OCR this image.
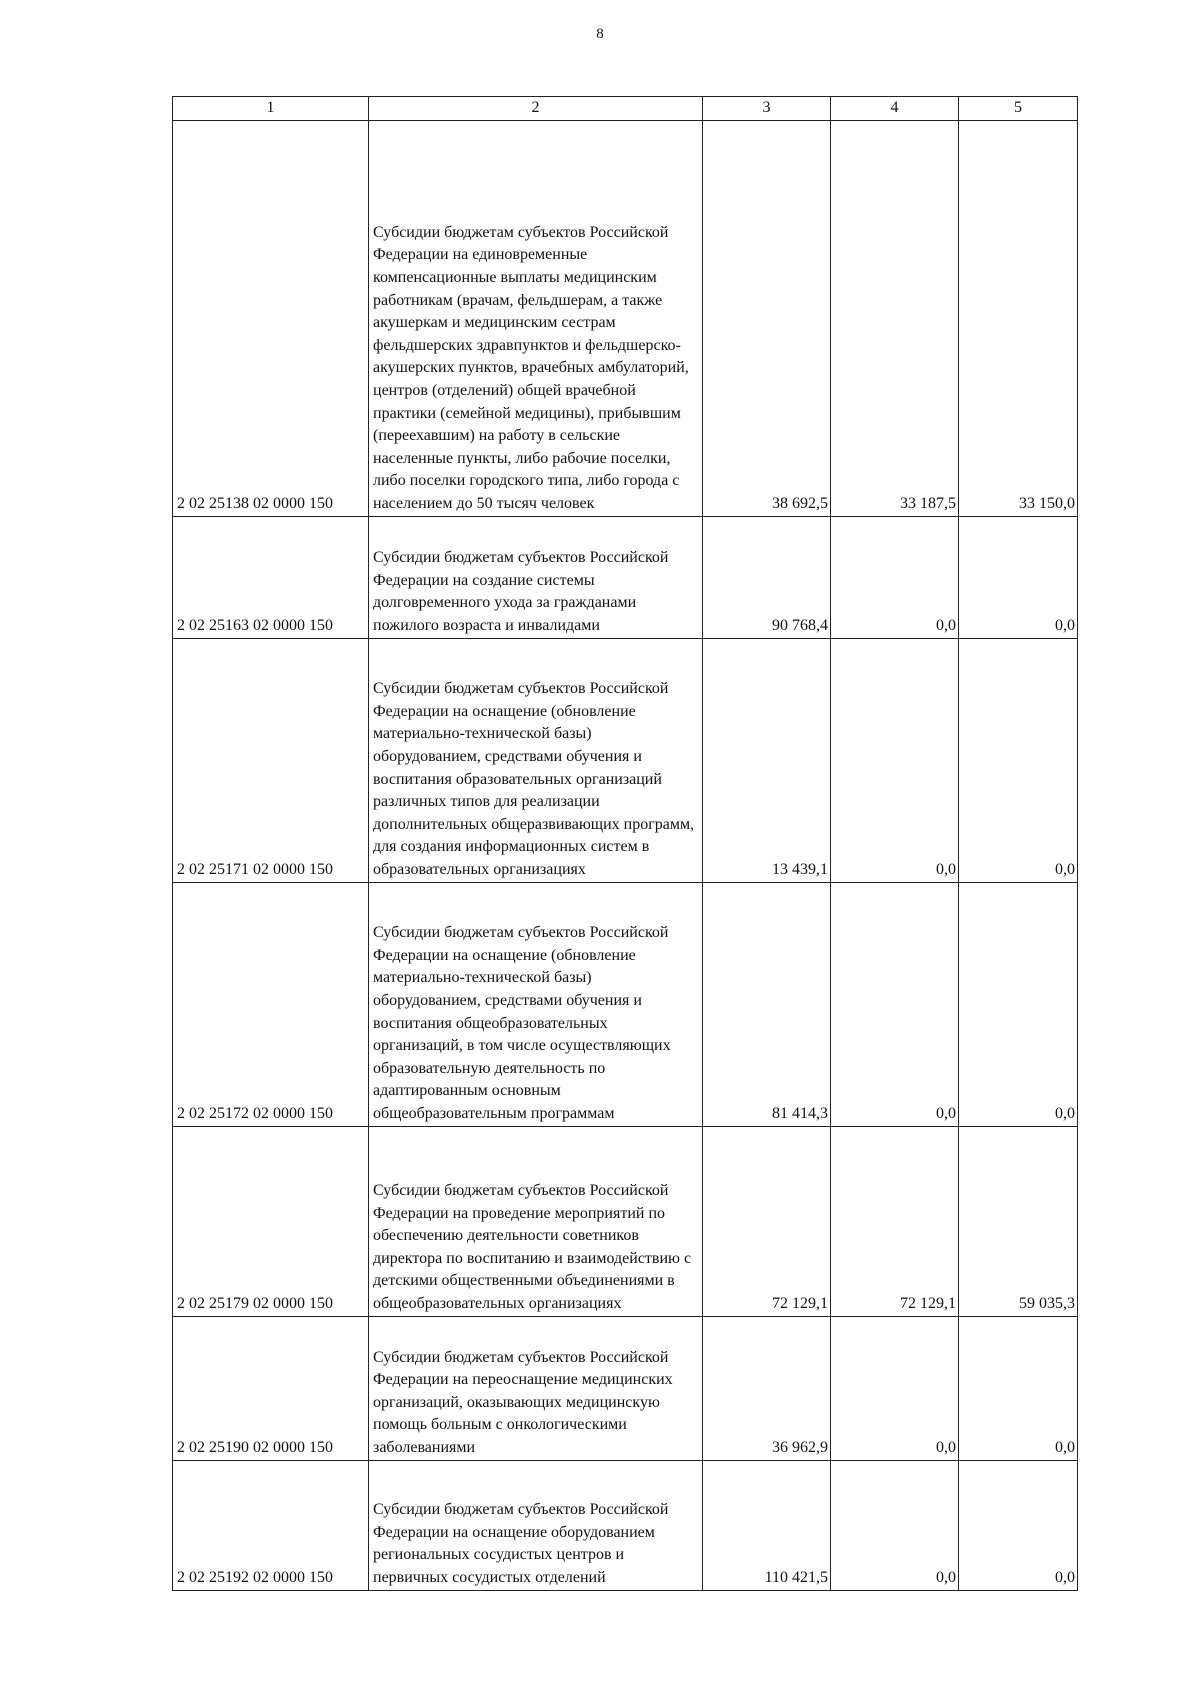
8
1	2	3	4	5
2 02 25138 02 0000 150	Субсидии бюджетам субъектов Российской Федерации на единовременные компенсационные выплаты медицинским работникам (врачам, фельдшерам, а также акушеркам и медицинским сестрам фельдшерских здравпунктов и фельдшерско-акушерских пунктов, врачебных амбулаторий, центров (отделений) общей врачебной практики (семейной медицины), прибывшим (переехавшим) на работу в сельские населенные пункты, либо рабочие поселки, либо поселки городского типа, либо города с населением до 50 тысяч человек	38 692,5	33 187,5	33 150,0
2 02 25163 02 0000 150	Субсидии бюджетам субъектов Российской Федерации на создание системы долговременного ухода за гражданами пожилого возраста и инвалидами	90 768,4	0,0	0,0
2 02 25171 02 0000 150	Субсидии бюджетам субъектов Российской Федерации на оснащение (обновление материально-технической базы) оборудованием, средствами обучения и воспитания образовательных организаций различных типов для реализации дополнительных общеразвивающих программ, для создания информационных систем в образовательных организациях	13 439,1	0,0	0,0
2 02 25172 02 0000 150	Субсидии бюджетам субъектов Российской Федерации на оснащение (обновление материально-технической базы) оборудованием, средствами обучения и воспитания общеобразовательных организаций, в том числе осуществляющих образовательную деятельность по адаптированным основным общеобразовательным программам	81 414,3	0,0	0,0
2 02 25179 02 0000 150	Субсидии бюджетам субъектов Российской Федерации на проведение мероприятий по обеспечению деятельности советников директора по воспитанию и взаимодействию с детскими общественными объединениями в общеобразовательных организациях	72 129,1	72 129,1	59 035,3
2 02 25190 02 0000 150	Субсидии бюджетам субъектов Российской Федерации на переоснащение медицинских организаций, оказывающих медицинскую помощь больным с онкологическими заболеваниями	36 962,9	0,0	0,0
2 02 25192 02 0000 150	Субсидии бюджетам субъектов Российской Федерации на оснащение оборудованием региональных сосудистых центров и первичных сосудистых отделений	110 421,5	0,0	0,0
